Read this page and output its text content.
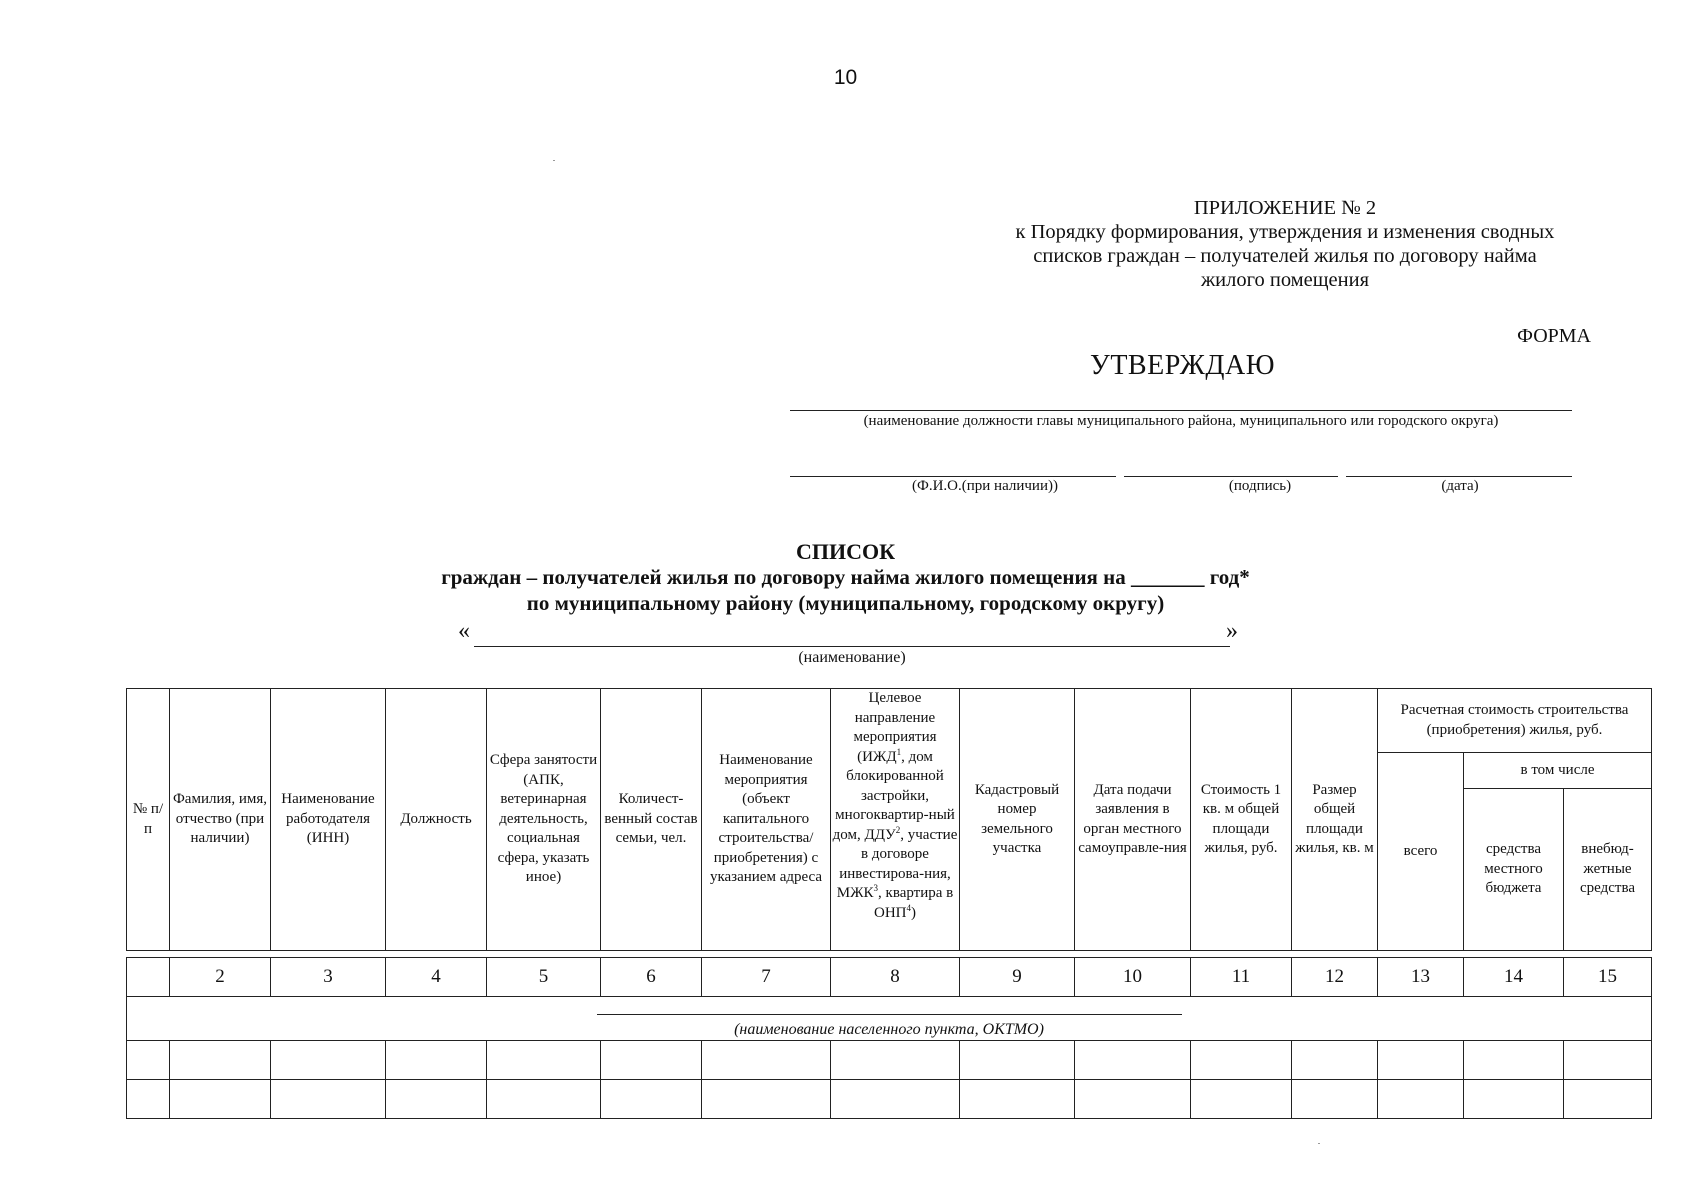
10
ПРИЛОЖЕНИЕ № 2
к Порядку формирования, утверждения и изменения сводных
списков граждан – получателей жилья по договору найма
жилого помещения
ФОРМА
УТВЕРЖДАЮ
(наименование должности главы муниципального района, муниципального или городского округа)
(Ф.И.О.(при наличии))	(подпись)	(дата)
СПИСОК
граждан – получателей жилья по договору найма жилого помещения на _______ год*
по муниципальному району (муниципальному, городскому округу)
«	»
(наименование)
№ п/ п	Фамилия, имя, отчество (при наличии)	Наименование работодателя (ИНН)	Должность	Сфера занятости (АПК, ветеринарная деятельность, социальная сфера, указать иное)	Количест-венный состав семьи, чел.	Наименование мероприятия (объект капитального строительства/ приобретения) с указанием адреса	Целевое направление мероприятия (ИЖД$^1$, дом блокированной застройки, многоквартир-ный дом, ДДУ$^2$, участие в договоре инвестирова-ния, МЖК$^3$, квартира в ОНП$^4$)	Кадастровый номер земельного участка	Дата подачи заявления в орган местного самоуправле-ния	Стоимость 1 кв. м общей площади жилья, руб.	Размер общей площади жилья, кв. м	Расчетная стоимость строительства (приобретения) жилья, руб.		
												всего	в том числе	
													средства местного бюджета	внебюд-жетные средства
	2	3	4	5	6	7	8	9	10	11	12	13	14	15

(наименование населенного пункта, ОКТМО)														
